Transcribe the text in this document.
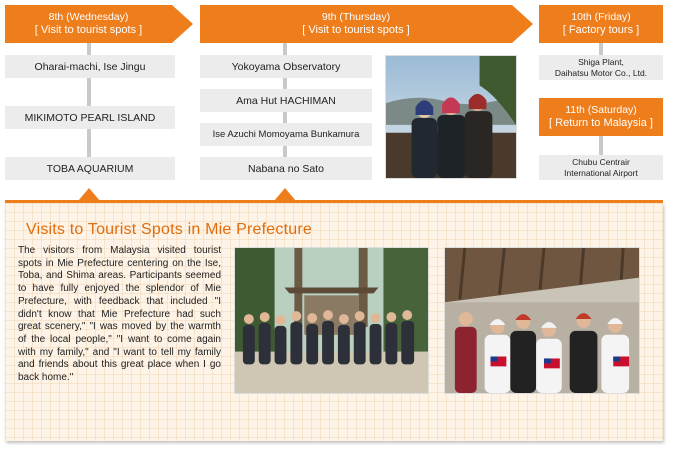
8th (Wednesday)
[ Visit to tourist spots ]
Oharai-machi, Ise Jingu
MIKIMOTO PEARL ISLAND
TOBA AQUARIUM
9th (Thursday)
[ Visit to tourist spots ]
Yokoyama Observatory
Ama Hut HACHIMAN
Ise Azuchi Momoyama Bunkamura
Nabana no Sato
10th (Friday)
[ Factory tours ]
Shiga Plant,
Daihatsu Motor Co., Ltd.
11th (Saturday)
[ Return to Malaysia ]
Chubu Centrair
International Airport
Visits to Tourist Spots in Mie Prefecture
The visitors from Malaysia visited tourist spots in Mie Prefecture centering on the Ise, Toba, and Shima areas. Participants seemed to have fully enjoyed the splendor of Mie Prefecture, with feedback that included "I didn't know that Mie Prefecture had such great scenery," "I was moved by the warmth of the local people," "I want to come again with my family," and "I want to tell my family and friends about this great place when I go back home."
